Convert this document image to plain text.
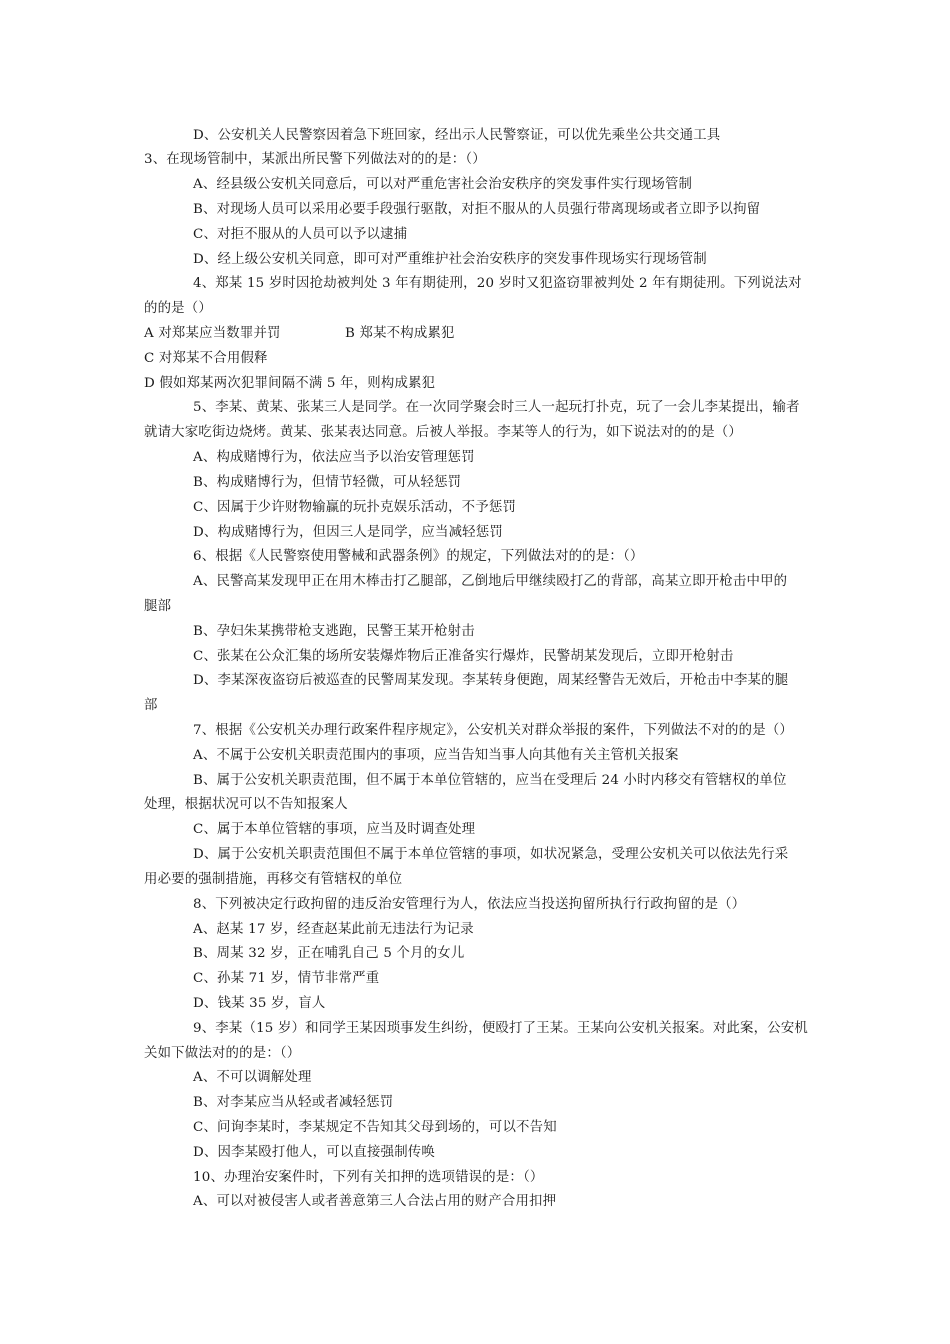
D、公安机关人民警察因着急下班回家，经出示人民警察证，可以优先乘坐公共交通工具
3、在现场管制中，某派出所民警下列做法对的的是：（）
A、经县级公安机关同意后，可以对严重危害社会治安秩序的突发事件实行现场管制
B、对现场人员可以采用必要手段强行驱散，对拒不服从的人员强行带离现场或者立即予以拘留
C、对拒不服从的人员可以予以逮捕
D、经上级公安机关同意，即可对严重维护社会治安秩序的突发事件现场实行现场管制
4、郑某 15 岁时因抢劫被判处 3 年有期徒刑，20 岁时又犯盗窃罪被判处 2 年有期徒刑。下列说法对
的的是（）
A 对郑某应当数罪并罚	B 郑某不构成累犯
C 对郑某不合用假释
D 假如郑某两次犯罪间隔不满 5 年，则构成累犯
5、李某、黄某、张某三人是同学。在一次同学聚会时三人一起玩打扑克，玩了一会儿李某提出，输者
就请大家吃街边烧烤。黄某、张某表达同意。后被人举报。李某等人的行为，如下说法对的的是（）
A、构成赌博行为，依法应当予以治安管理惩罚
B、构成赌博行为，但情节轻微，可从轻惩罚
C、因属于少许财物输赢的玩扑克娱乐活动，不予惩罚
D、构成赌博行为，但因三人是同学，应当减轻惩罚
6、根据《人民警察使用警械和武器条例》的规定，下列做法对的的是：（）
A、民警高某发现甲正在用木棒击打乙腿部，乙倒地后甲继续殴打乙的背部，高某立即开枪击中甲的
腿部
B、孕妇朱某携带枪支逃跑，民警王某开枪射击
C、张某在公众汇集的场所安装爆炸物后正准备实行爆炸，民警胡某发现后，立即开枪射击
D、李某深夜盗窃后被巡查的民警周某发现。李某转身便跑，周某经警告无效后，开枪击中李某的腿
部
7、根据《公安机关办理行政案件程序规定》，公安机关对群众举报的案件，下列做法不对的的是（）
A、不属于公安机关职责范围内的事项，应当告知当事人向其他有关主管机关报案
B、属于公安机关职责范围，但不属于本单位管辖的，应当在受理后 24 小时内移交有管辖权的单位
处理，根据状况可以不告知报案人
C、属于本单位管辖的事项，应当及时调查处理
D、属于公安机关职责范围但不属于本单位管辖的事项，如状况紧急，受理公安机关可以依法先行采
用必要的强制措施，再移交有管辖权的单位
8、下列被决定行政拘留的违反治安管理行为人，依法应当投送拘留所执行行政拘留的是（）
A、赵某 17 岁，经查赵某此前无违法行为记录
B、周某 32 岁，正在哺乳自己 5 个月的女儿
C、孙某 71 岁，情节非常严重
D、钱某 35 岁，盲人
9、李某（15 岁）和同学王某因琐事发生纠纷，便殴打了王某。王某向公安机关报案。对此案，公安机
关如下做法对的的是：（）
A、不可以调解处理
B、对李某应当从轻或者减轻惩罚
C、问询李某时，李某规定不告知其父母到场的，可以不告知
D、因李某殴打他人，可以直接强制传唤
10、办理治安案件时，下列有关扣押的选项错误的是：（）
A、可以对被侵害人或者善意第三人合法占用的财产合用扣押
